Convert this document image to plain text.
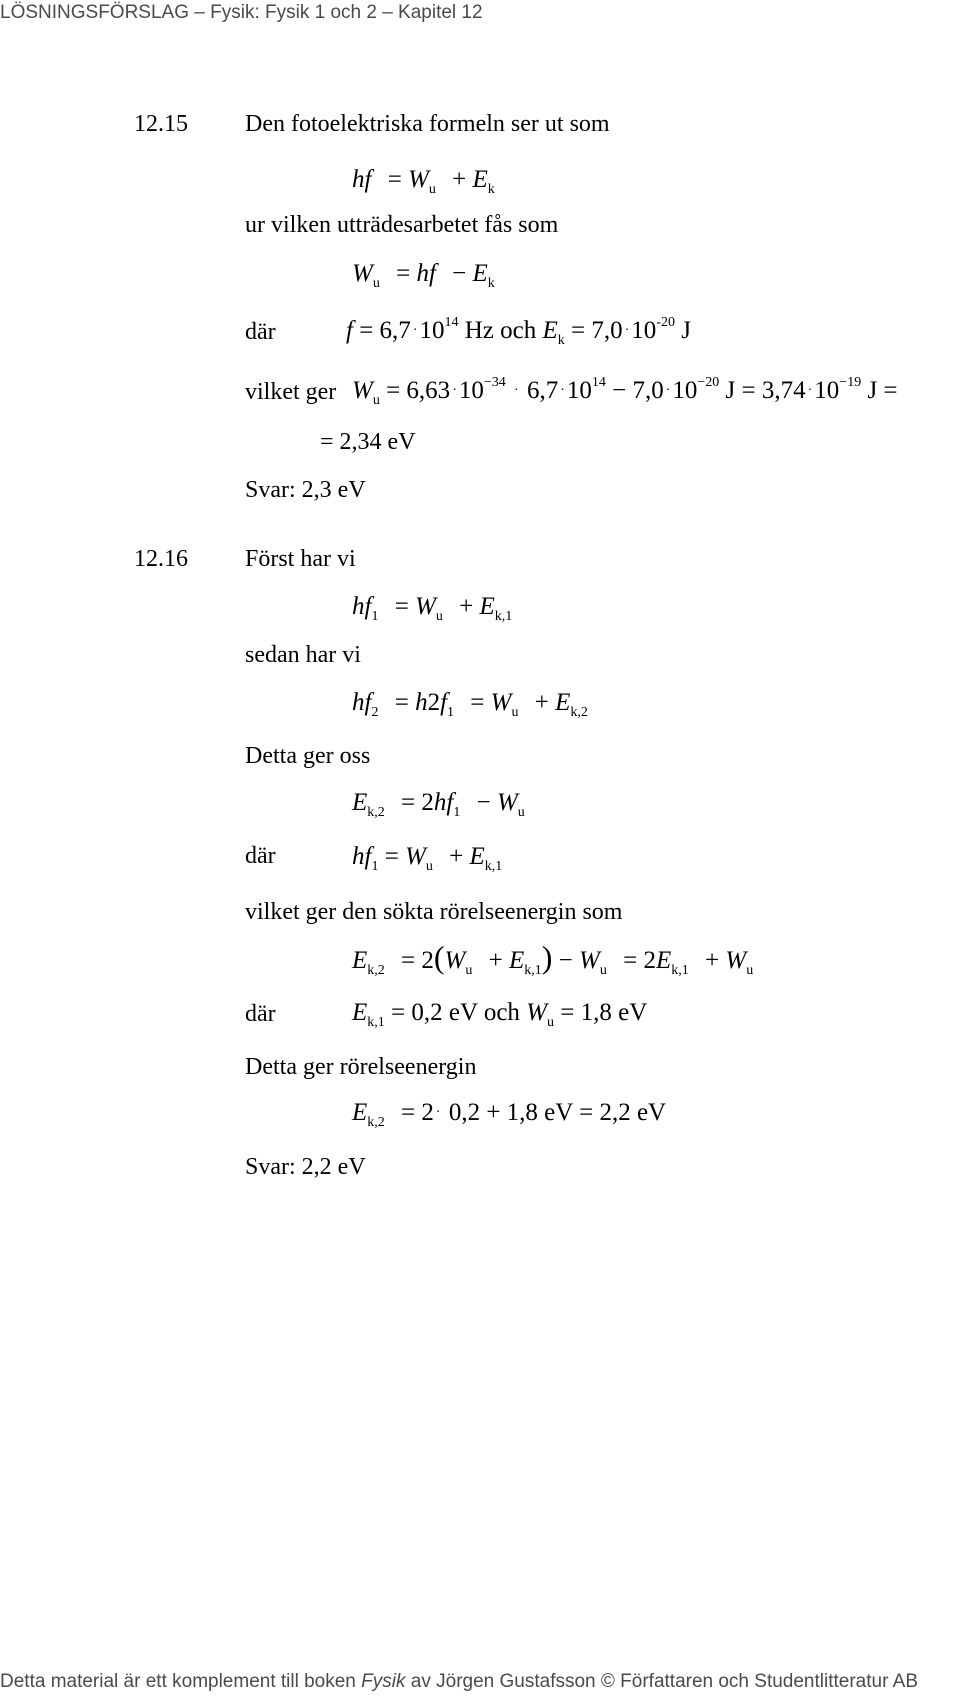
LÖSNINGSFÖRSLAG – Fysik: Fysik 1 och 2 – Kapitel 12
12.15 Den fotoelektriska formeln ser ut som
hf = $W_u + E_k$
ur vilken utträdesarbetet fås som
$W_u$ = hf − $E_k$
där	$f = 6,7 \cdot 10^{14}$ Hz och $E_k = 7,0 \cdot 10^{-20}$ J
vilket ger $W_u = 6,63 \cdot 10^{-34} \cdot 6,7 \cdot 10^{14} - 7,0 \cdot 10^{-20}$ $J = 3,74 \cdot 10^{-19}$ J =
= 2,34 eV
Svar: 2,3 eV
12.16 Först har vi
$hf_1 = W_u + E_{k,1}$
sedan har vi
$hf_2 = h2f_1 = W_u + E_{k,2}$
Detta ger oss
$E_{k,2} = 2hf_1 - W_u$
där	$hf_1 = W_u + E_{k,1}$
vilket ger den sökta rörelseenergin som
$E_{k,2} = 2(W_u + E_{k,1}) - W_u = 2E_{k,1} + W_u$
där	$E_{k,1} = 0,2$ eV och $W_u = 1,8$ eV
Detta ger rörelseenergin
$E_{k,2} = 2 \cdot 0,2 + 1,8$ eV = 2,2 eV
Svar: 2,2 eV
Detta material är ett komplement till boken Fysik av Jörgen Gustafsson © Författaren och Studentlitteratur AB
